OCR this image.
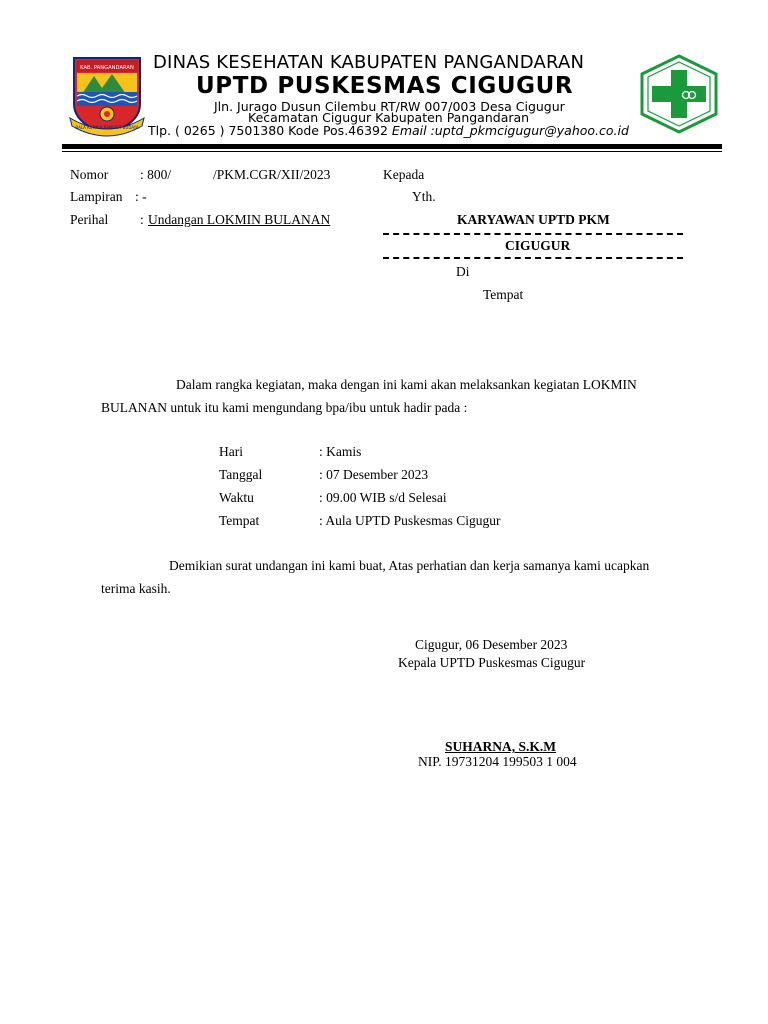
KAB. PANGANDARAN
BALA KURNIA BANGKIT BUDAYA
DINAS KESEHATAN KABUPATEN PANGANDARAN
UPTD PUSKESMAS CIGUGUR
Jln. Jurago Dusun Cilembu RT/RW 007/003 Desa Cigugur
Kecamatan Cigugur Kabupaten Pangandaran
Tlp. ( 0265 ) 7501380 Kode Pos.46392 Email :uptd_pkmcigugur@yahoo.co.id
Nomor : 800/	/PKM.CGR/XII/2023
Lampiran : -
Perihal : Undangan LOKMIN BULANAN
Kepada
Yth.
KARYAWAN UPTD PKM
CIGUGUR
Di
Tempat
Dalam rangka kegiatan, maka dengan ini kami akan melaksankan kegiatan LOKMIN
BULANAN untuk itu kami mengundang bpa/ibu untuk hadir pada :
Hari	: Kamis
Tanggal	: 07 Desember 2023
Waktu	: 09.00 WIB s/d Selesai
Tempat	: Aula UPTD Puskesmas Cigugur
Demikian surat undangan ini kami buat, Atas perhatian dan kerja samanya kami ucapkan
terima kasih.
Cigugur, 06 Desember 2023
Kepala UPTD Puskesmas Cigugur
SUHARNA, S.K.M
NIP. 19731204 199503 1 004
